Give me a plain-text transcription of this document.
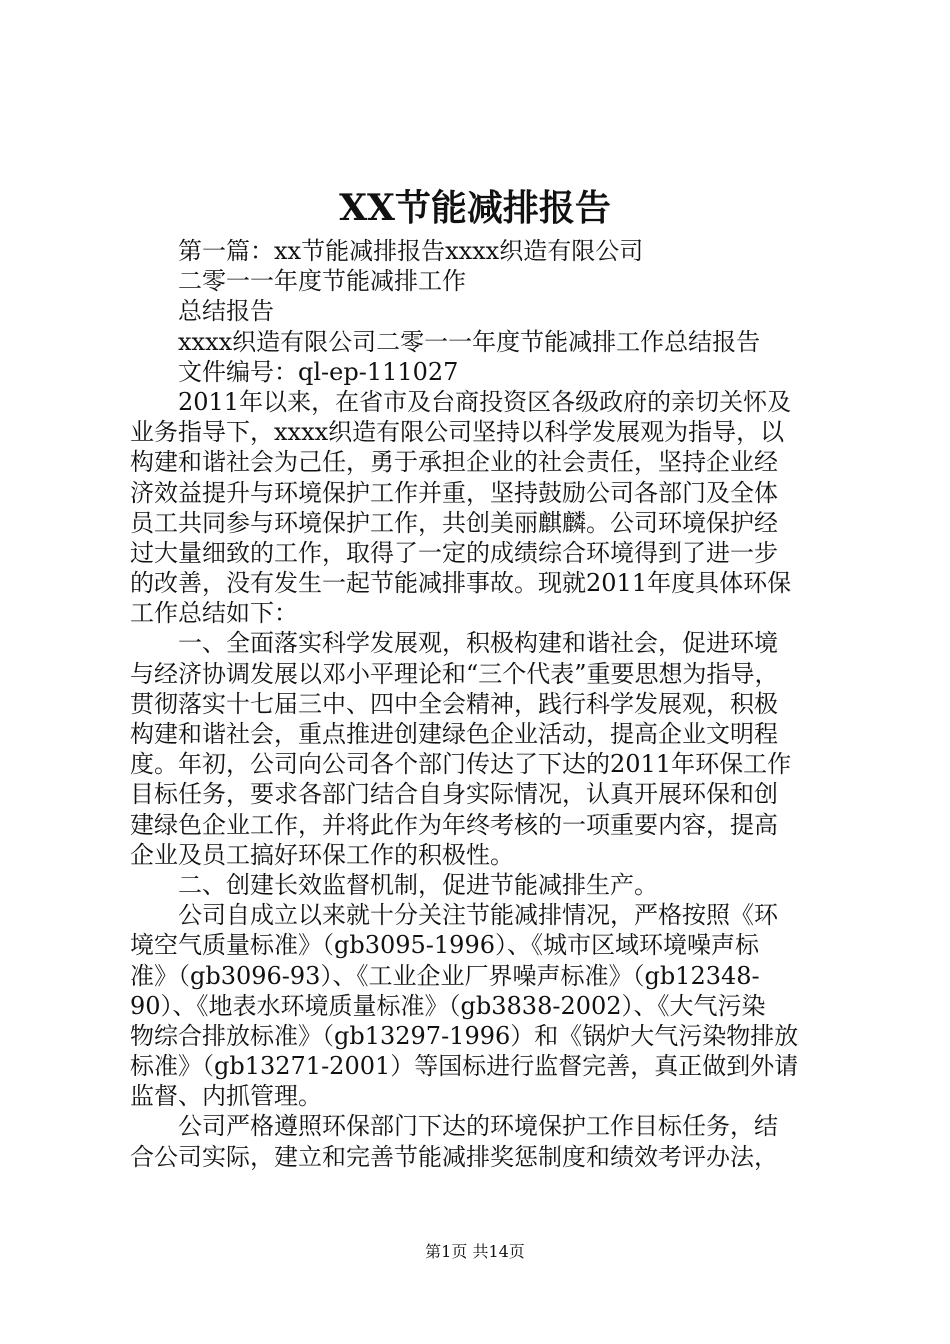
XX节能减排报告
第一篇：xx节能减排报告xxxx织造有限公司
二零一一年度节能减排工作
总结报告
xxxx织造有限公司二零一一年度节能减排工作总结报告
文件编号：ql-ep-111027
2011年以来，在省市及台商投资区各级政府的亲切关怀及
业务指导下，xxxx织造有限公司坚持以科学发展观为指导，以
构建和谐社会为己任，勇于承担企业的社会责任，坚持企业经
济效益提升与环境保护工作并重，坚持鼓励公司各部门及全体
员工共同参与环境保护工作，共创美丽麒麟。公司环境保护经
过大量细致的工作，取得了一定的成绩综合环境得到了进一步
的改善，没有发生一起节能减排事故。现就2011年度具体环保
工作总结如下：
一、全面落实科学发展观，积极构建和谐社会，促进环境
与经济协调发展以邓小平理论和“三个代表”重要思想为指导，
贯彻落实十七届三中、四中全会精神，践行科学发展观，积极
构建和谐社会，重点推进创建绿色企业活动，提高企业文明程
度。年初，公司向公司各个部门传达了下达的2011年环保工作
目标任务，要求各部门结合自身实际情况，认真开展环保和创
建绿色企业工作，并将此作为年终考核的一项重要内容，提高
企业及员工搞好环保工作的积极性。
二、创建长效监督机制，促进节能减排生产。
公司自成立以来就十分关注节能减排情况，严格按照《环
境空气质量标准》（gb3095-1996）、《城市区域环境噪声标
准》（gb3096-93）、《工业企业厂界噪声标准》（gb12348-
90）、《地表水环境质量标准》（gb3838-2002）、《大气污染
物综合排放标准》（gb13297-1996）和《锅炉大气污染物排放
标准》（gb13271-2001）等国标进行监督完善，真正做到外请
监督、内抓管理。
公司严格遵照环保部门下达的环境保护工作目标任务，结
合公司实际，建立和完善节能减排奖惩制度和绩效考评办法，
第1页 共14页
